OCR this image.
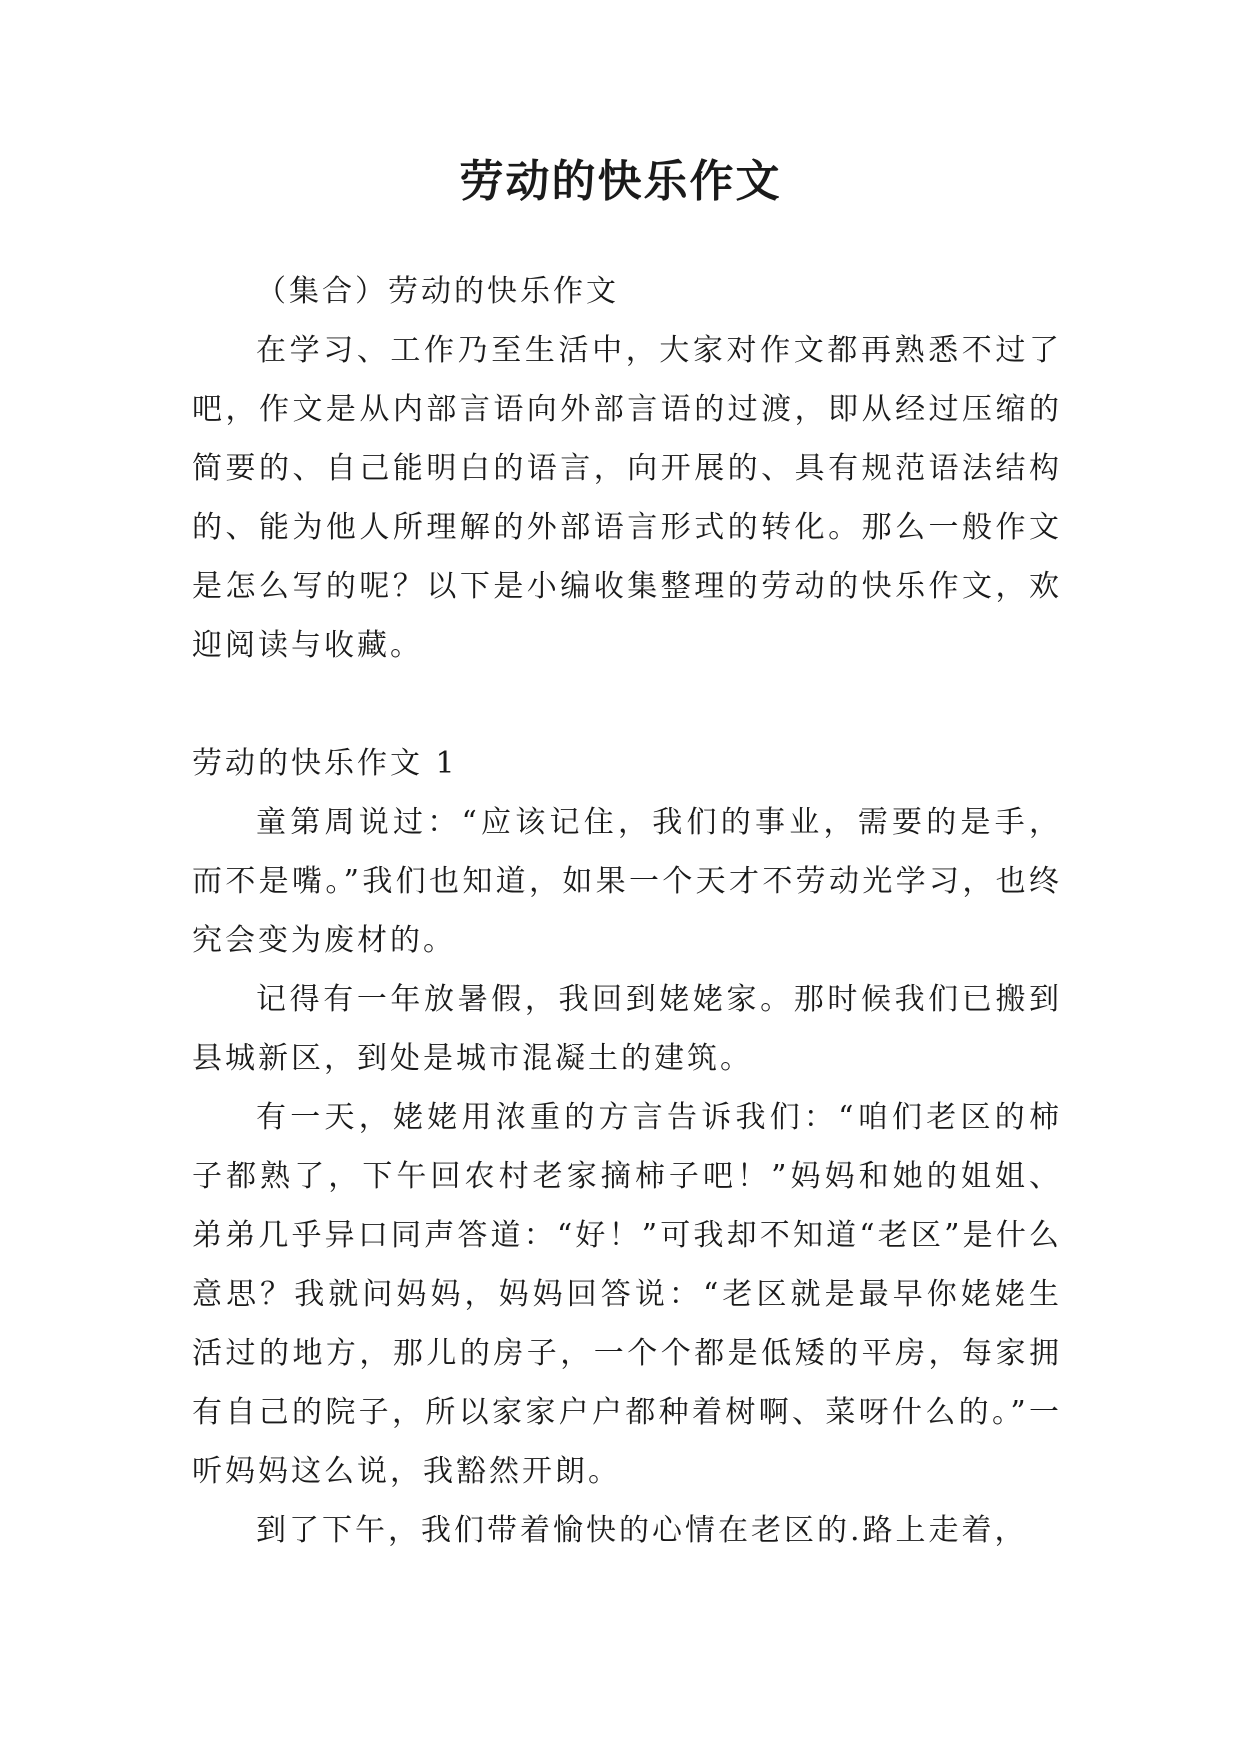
劳动的快乐作文

（集合）劳动的快乐作文

在学习、工作乃至生活中，大家对作文都再熟悉不过了吧，作文是从内部言语向外部言语的过渡，即从经过压缩的简要的、自己能明白的语言，向开展的、具有规范语法结构的、能为他人所理解的外部语言形式的转化。那么一般作文是怎么写的呢？以下是小编收集整理的劳动的快乐作文，欢迎阅读与收藏。

劳动的快乐作文 1

童第周说过：“应该记住，我们的事业，需要的是手，而不是嘴。”我们也知道，如果一个天才不劳动光学习，也终究会变为废材的。

记得有一年放暑假，我回到姥姥家。那时候我们已搬到县城新区，到处是城市混凝土的建筑。

有一天，姥姥用浓重的方言告诉我们：“咱们老区的柿子都熟了，下午回农村老家摘柿子吧！”妈妈和她的姐姐、弟弟几乎异口同声答道：“好！”可我却不知道“老区”是什么意思？我就问妈妈，妈妈回答说：“老区就是最早你姥姥生活过的地方，那儿的房子，一个个都是低矮的平房，每家拥有自己的院子，所以家家户户都种着树啊、菜呀什么的。”一听妈妈这么说，我豁然开朗。

到了下午，我们带着愉快的心情在老区的.路上走着，
